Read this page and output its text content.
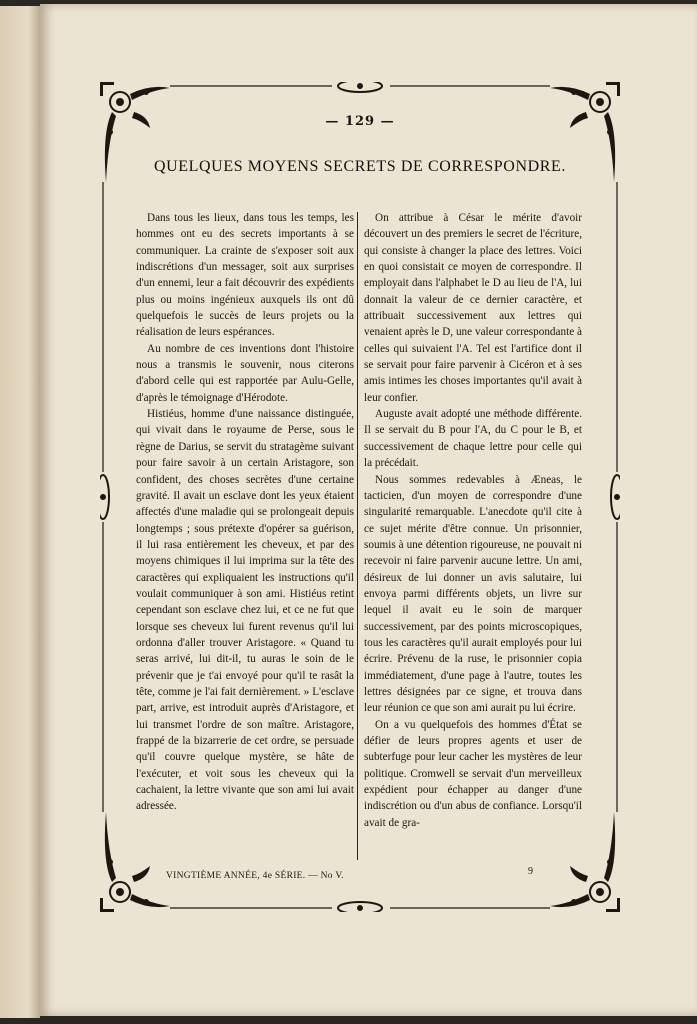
— 129 —
QUELQUES MOYENS SECRETS DE CORRESPONDRE.

Dans tous les lieux, dans tous les temps, les hommes ont eu des secrets importants à se communiquer. La crainte de s'exposer soit aux indiscrétions d'un messager, soit aux surprises d'un ennemi, leur a fait découvrir des expédients plus ou moins ingénieux auxquels ils ont dû quelquefois le succès de leurs projets ou la réalisation de leurs espérances.

Au nombre de ces inventions dont l'histoire nous a transmis le souvenir, nous citerons d'abord celle qui est rapportée par Aulu-Gelle, d'après le témoignage d'Hérodote.

Histiéus, homme d'une naissance distinguée, qui vivait dans le royaume de Perse, sous le règne de Darius, se servit du stratagème suivant pour faire savoir à un certain Aristagore, son confident, des choses secrètes d'une certaine gravité. Il avait un esclave dont les yeux étaient affectés d'une maladie qui se prolongeait depuis longtemps ; sous prétexte d'opérer sa guérison, il lui rasa entièrement les cheveux, et par des moyens chimiques il lui imprima sur la tête des caractères qui expliquaient les instructions qu'il voulait communiquer à son ami. Histiéus retint cependant son esclave chez lui, et ce ne fut que lorsque ses cheveux lui furent revenus qu'il lui ordonna d'aller trouver Aristagore. « Quand tu seras arrivé, lui dit-il, tu auras le soin de le prévenir que je t'ai envoyé pour qu'il te rasât la tête, comme je l'ai fait dernièrement. » L'esclave part, arrive, est introduit auprès d'Aristagore, et lui transmet l'ordre de son maître. Aristagore, frappé de la bizarrerie de cet ordre, se persuade qu'il couvre quelque mystère, se hâte de l'exécuter, et voit sous les cheveux qui la cachaient, la lettre vivante que son ami lui avait adressée.

On attribue à César le mérite d'avoir découvert un des premiers le secret de l'écriture, qui consiste à changer la place des lettres. Voici en quoi consistait ce moyen de correspondre. Il employait dans l'alphabet le D au lieu de l'A, lui donnait la valeur de ce dernier caractère, et attribuait successivement aux lettres qui venaient après le D, une valeur correspondante à celles qui suivaient l'A. Tel est l'artifice dont il se servait pour faire parvenir à Cicéron et à ses amis intimes les choses importantes qu'il avait à leur confier.

Auguste avait adopté une méthode différente. Il se servait du B pour l'A, du C pour le B, et successivement de chaque lettre pour celle qui la précédait.

Nous sommes redevables à Æneas, le tacticien, d'un moyen de correspondre d'une singularité remarquable. L'anecdote qu'il cite à ce sujet mérite d'être connue. Un prisonnier, soumis à une détention rigoureuse, ne pouvait ni recevoir ni faire parvenir aucune lettre. Un ami, désireux de lui donner un avis salutaire, lui envoya parmi différents objets, un livre sur lequel il avait eu le soin de marquer successivement, par des points microscopiques, tous les caractères qu'il aurait employés pour lui écrire. Prévenu de la ruse, le prisonnier copia immédiatement, d'une page à l'autre, toutes les lettres désignées par ce signe, et trouva dans leur réunion ce que son ami aurait pu lui écrire.

On a vu quelquefois des hommes d'État se défier de leurs propres agents et user de subterfuge pour leur cacher les mystères de leur politique. Cromwell se servait d'un merveilleux expédient pour échapper au danger d'une indiscrétion ou d'un abus de confiance. Lorsqu'il avait de gra-

VINGTIÈME ANNÉE, 4e SÉRIE. — No V.	9
